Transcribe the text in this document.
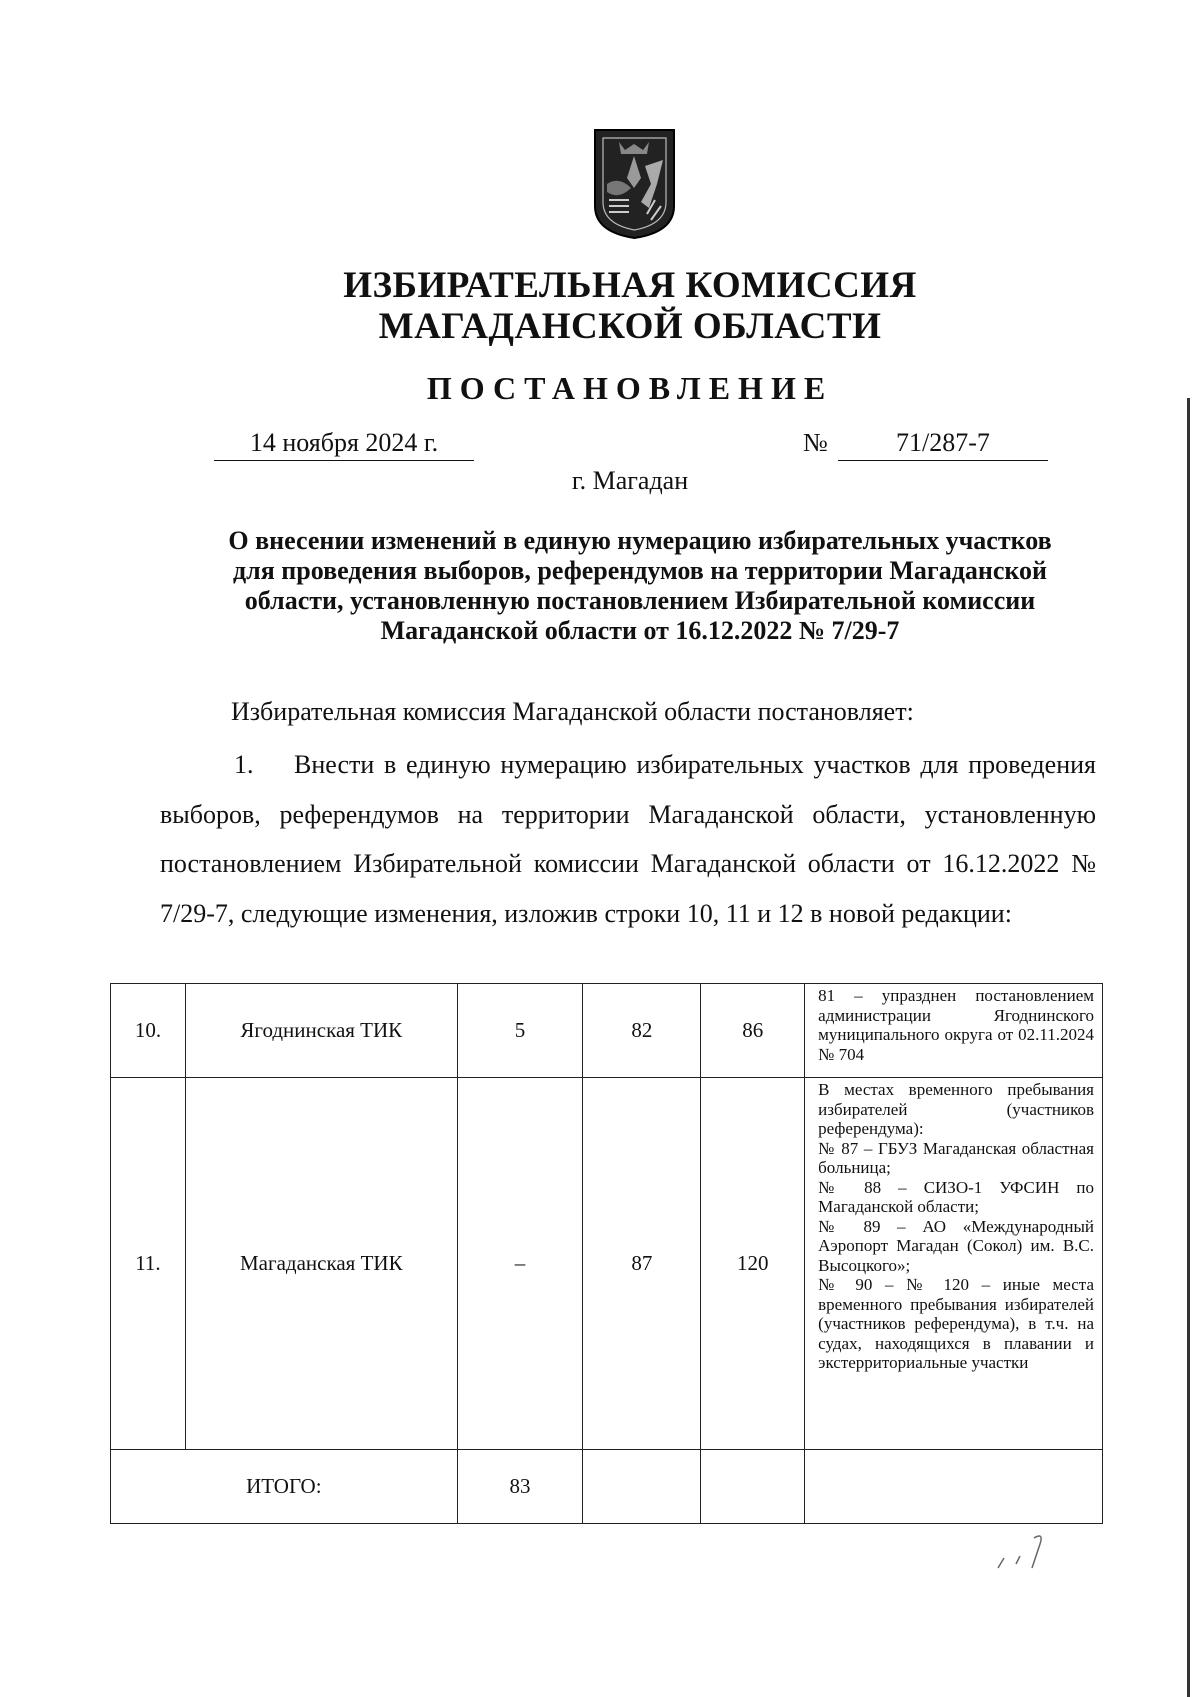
ИЗБИРАТЕЛЬНАЯ КОМИССИЯ
МАГАДАНСКОЙ ОБЛАСТИ
ПОСТАНОВЛЕНИЕ
14 ноября 2024 г.	№	71/287-7
г. Магадан
О внесении изменений в единую нумерацию избирательных участков
для проведения выборов, референдумов на территории Магаданской
области, установленную постановлением Избирательной комиссии
Магаданской области от 16.12.2022 № 7/29-7
Избирательная комиссия Магаданской области постановляет:
1. Внести в единую нумерацию избирательных участков для проведения выборов, референдумов на территории Магаданской области, установленную постановлением Избирательной комиссии Магаданской области от 16.12.2022 № 7/29-7, следующие изменения, изложив строки 10, 11 и 12 в новой редакции:
10.	Ягоднинская ТИК	5	82	86	81 – упразднен постановлением администрации Ягоднинского муниципального округа от 02.11.2024 № 704

11.	Магаданская ТИК	–	87	120	В местах временного пребывания избирателей (участников референдума):
№ 87 – ГБУЗ Магаданская областная больница;
№ 88 – СИЗО-1 УФСИН по Магаданской области;
№ 89 – АО «Международный Аэропорт Магадан (Сокол) им. В.С. Высоцкого»;
№ 90 – № 120 – иные места временного пребывания избирателей (участников референдума), в т.ч. на судах, находящихся в плавании и экстерриториальные участки

ИТОГО:		83			
